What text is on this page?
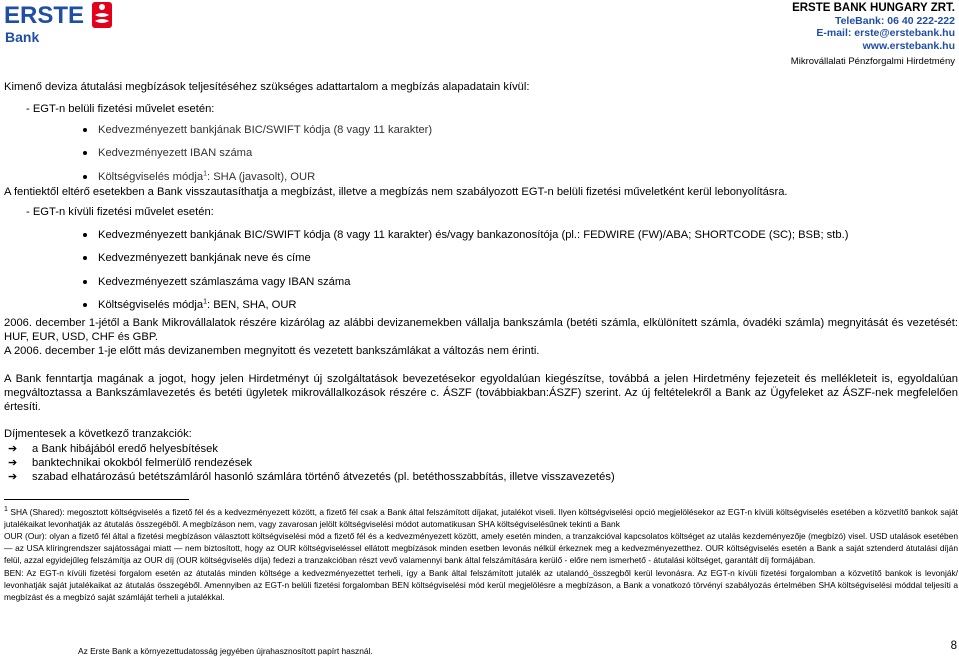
ERSTE
Bank
ERSTE BANK HUNGARY ZRT.
TeleBank: 06 40 222-222
E-mail: erste@erstebank.hu
www.erstebank.hu
Mikrovállalati Pénzforgalmi Hirdetmény

Kimenő deviza átutalási megbízások teljesítéséhez szükséges adattartalom a megbízás alapadatain kívül:

- EGT-n belüli fizetési művelet esetén:

Kedvezményezett bankjának BIC/SWIFT kódja (8 vagy 11 karakter)
Kedvezményezett IBAN száma
Költségviselés módja$^1$: SHA (javasolt), OUR

A fentiektől eltérő esetekben a Bank visszautasíthatja a megbízást, illetve a megbízás nem szabályozott EGT-n belüli fizetési műveletként kerül lebonyolításra.

- EGT-n kívüli fizetési művelet esetén:

Kedvezményezett bankjának BIC/SWIFT kódja (8 vagy 11 karakter) és/vagy bankazonosítója (pl.: FEDWIRE (FW)/ABA; SHORTCODE (SC); BSB; stb.)
Kedvezményezett bankjának neve és címe
Kedvezményezett számlaszáma vagy IBAN száma
Költségviselés módja$^1$: BEN, SHA, OUR

2006. december 1-jétől a Bank Mikrovállalatok részére kizárólag az alábbi devizanemekben vállalja bankszámla (betéti számla, elkülönített számla, óvadéki számla) megnyitását és vezetését: HUF, EUR, USD, CHF és GBP.

A 2006. december 1-je előtt más devizanemben megnyitott és vezetett bankszámlákat a változás nem érinti.

A Bank fenntartja magának a jogot, hogy jelen Hirdetményt új szolgáltatások bevezetésekor egyoldalúan kiegészítse, továbbá a jelen Hirdetmény fejezeteit és mellékleteit is, egyoldalúan megváltoztassa a Bankszámlavezetés és betéti ügyletek mikrovállalkozások részére c. ÁSZF (továbbiakban:ÁSZF) szerint. Az új feltételekről a Bank az Ügyfeleket az ÁSZF-nek megfelelően értesíti.

Díjmentesek a következő tranzakciók:

➔ a Bank hibájából eredő helyesbítések
➔ banktechnikai okokból felmerülő rendezések
➔ szabad elhatározású betétszámláról hasonló számlára történő átvezetés (pl. betéthosszabbítás, illetve visszavezetés)

$^1$ SHA (Shared): megosztott költségviselés a fizető fél és a kedvezményezett között, a fizető fél csak a Bank által felszámított díjakat, jutalékot viseli. Ilyen költségviselési opció megjelölésekor az EGT-n kívüli költségviselés esetében a közvetítő bankok saját jutalékaikat levonhatják az átutalás összegéből. A megbízáson nem, vagy zavarosan jelölt költségviselési módot automatikusan SHA költségviselésűnek tekinti a Bank

OUR (Our): olyan a fizető fél által a fizetési megbízáson választott költségviselési mód a fizető fél és a kedvezményezett között, amely esetén minden, a tranzakcióval kapcsolatos költséget az utalás kezdeményezője (megbízó) visel. USD utalások esetében — az USA klíringrendszer sajátosságai miatt — nem biztosított, hogy az OUR költségviseléssel ellátott megbízások minden esetben levonás nélkül érkeznek meg a kedvezményezetthez. OUR költségviselés esetén a Bank a saját sztenderd átutalási díján felül, azzal egyidejűleg felszámítja az OUR díj (OUR költségviselés díja) fedezi a tranzakcióban részt vevő valamennyi bank által felszámítására kerülő - előre nem ismerhető - átutalási költséget, garantált díj formájában.

BEN: Az EGT-n kívüli fizetési forgalom esetén az átutalás minden költsége a kedvezményezettet terheli, így a Bank által felszámított jutalék az utalandó_összegből kerül levonásra. Az EGT-n kívüli fizetési forgalomban a közvetítő bankok is levonják/ levonhatják saját jutalékaikat az átutalás összegéből. Amennyiben az EGT-n belüli fizetési forgalomban BEN költségviselési mód kerül megjelölésre a megbízáson, a Bank a vonatkozó törvényi szabályozás értelmében SHA költségviselési móddal teljesíti a megbízást és a megbízó saját számláját terheli a jutalékkal.

Az Erste Bank a környezettudatosság jegyében újrahasznosított papírt használ.	8
